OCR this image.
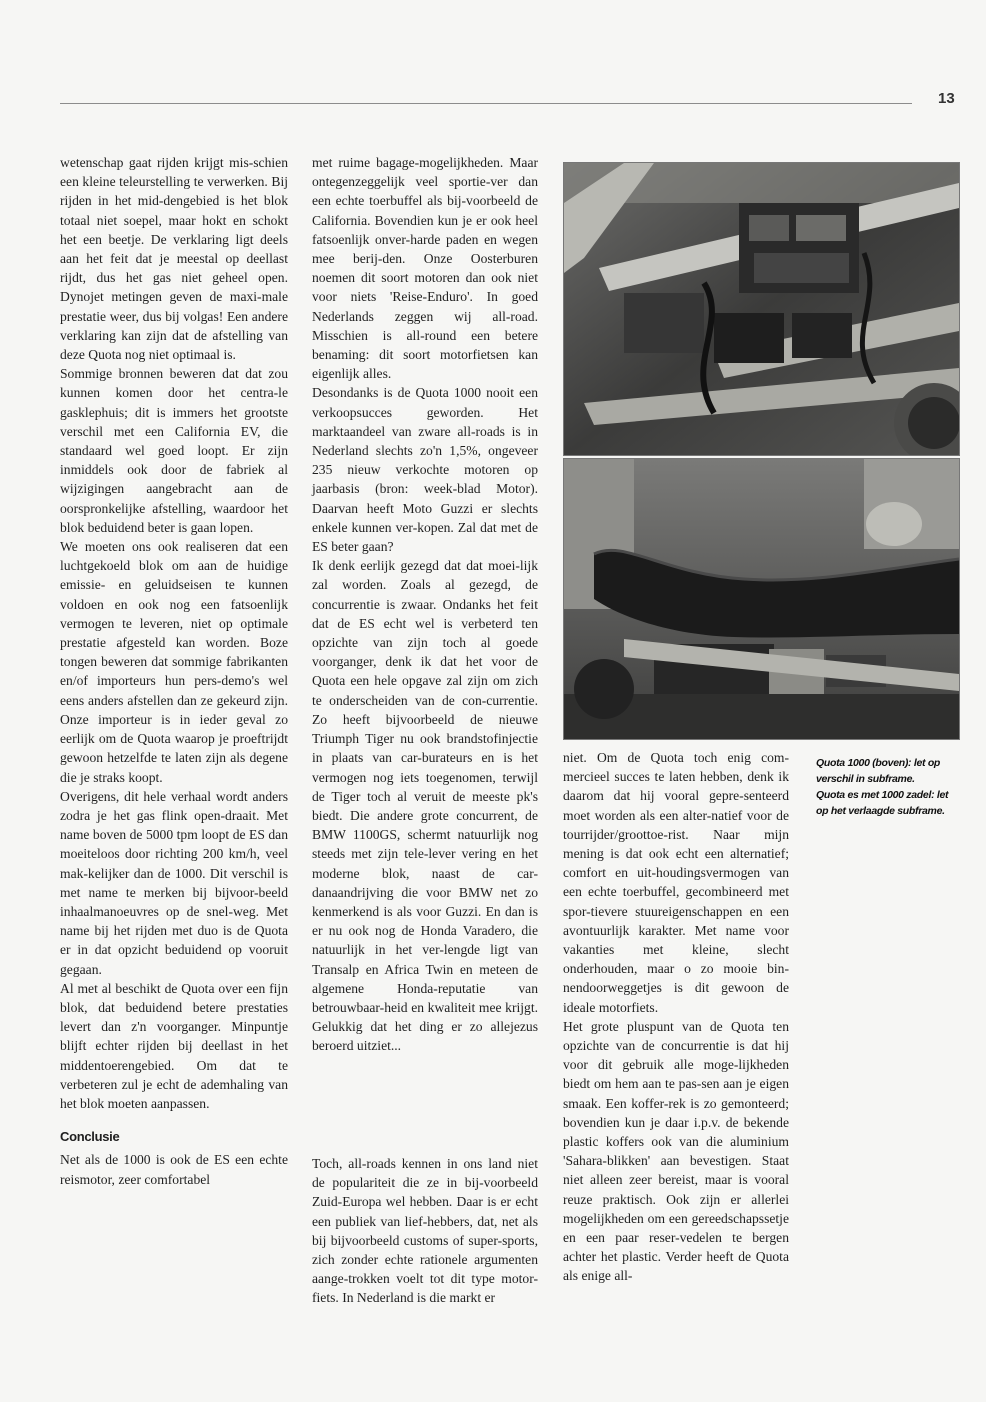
13

wetenschap gaat rijden krijgt mis-schien een kleine teleurstelling te verwerken. Bij rijden in het mid-dengebied is het blok totaal niet soepel, maar hokt en schokt het een beetje. De verklaring ligt deels aan het feit dat je meestal op deellast rijdt, dus het gas niet geheel open. Dynojet metingen geven de maxi-male prestatie weer, dus bij volgas! Een andere verklaring kan zijn dat de afstelling van deze Quota nog niet optimaal is.

Sommige bronnen beweren dat dat zou kunnen komen door het centra-le gasklephuis; dit is immers het grootste verschil met een California EV, die standaard wel goed loopt. Er zijn inmiddels ook door de fabriek al wijzigingen aangebracht aan de oorspronkelijke afstelling, waardoor het blok beduidend beter is gaan lopen.

We moeten ons ook realiseren dat een luchtgekoeld blok om aan de huidige emissie- en geluidseisen te kunnen voldoen en ook nog een fatsoenlijk vermogen te leveren, niet op optimale prestatie afgesteld kan worden. Boze tongen beweren dat sommige fabrikanten en/of importeurs hun pers-demo's wel eens anders afstellen dan ze gekeurd zijn. Onze importeur is in ieder geval zo eerlijk om de Quota waarop je proeftrijdt gewoon hetzelfde te laten zijn als degene die je straks koopt.

Overigens, dit hele verhaal wordt anders zodra je het gas flink open-draait. Met name boven de 5000 tpm loopt de ES dan moeiteloos door richting 200 km/h, veel mak-kelijker dan de 1000. Dit verschil is met name te merken bij bijvoor-beeld inhaalmanoeuvres op de snel-weg. Met name bij het rijden met duo is de Quota er in dat opzicht beduidend op vooruit gegaan.

Al met al beschikt de Quota over een fijn blok, dat beduidend betere prestaties levert dan z'n voorganger. Minpuntje blijft echter rijden bij deellast in het middentoerengebied. Om dat te verbeteren zul je echt de ademhaling van het blok moeten aanpassen.

Conclusie

Net als de 1000 is ook de ES een echte reismotor, zeer comfortabel

met ruime bagage-mogelijkheden. Maar ontegenzeggelijk veel sportie-ver dan een echte toerbuffel als bij-voorbeeld de California. Bovendien kun je er ook heel fatsoenlijk onver-harde paden en wegen mee berij-den. Onze Oosterburen noemen dit soort motoren dan ook niet voor niets 'Reise-Enduro'. In goed Nederlands zeggen wij all-road. Misschien is all-round een betere benaming: dit soort motorfietsen kan eigenlijk alles.

Desondanks is de Quota 1000 nooit een verkoopsucces geworden. Het marktaandeel van zware all-roads is in Nederland slechts zo'n 1,5%, ongeveer 235 nieuw verkochte motoren op jaarbasis (bron: week-blad Motor). Daarvan heeft Moto Guzzi er slechts enkele kunnen ver-kopen. Zal dat met de ES beter gaan?

Ik denk eerlijk gezegd dat dat moei-lijk zal worden. Zoals al gezegd, de concurrentie is zwaar. Ondanks het feit dat de ES echt wel is verbeterd ten opzichte van zijn toch al goede voorganger, denk ik dat het voor de Quota een hele opgave zal zijn om zich te onderscheiden van de con-currentie. Zo heeft bijvoorbeeld de nieuwe Triumph Tiger nu ook brandstofinjectie in plaats van car-burateurs en is het vermogen nog iets toegenomen, terwijl de Tiger toch al veruit de meeste pk's biedt. Die andere grote concurrent, de BMW 1100GS, schermt natuurlijk nog steeds met zijn tele-lever vering en het moderne blok, naast de car-danaandrijving die voor BMW net zo kenmerkend is als voor Guzzi. En dan is er nu ook nog de Honda Varadero, die natuurlijk in het ver-lengde ligt van Transalp en Africa Twin en meteen de algemene Honda-reputatie van betrouwbaar-heid en kwaliteit mee krijgt. Gelukkig dat het ding er zo allejezus beroerd uitziet...

Toch, all-roads kennen in ons land niet de populariteit die ze in bij-voorbeeld Zuid-Europa wel hebben. Daar is er echt een publiek van lief-hebbers, dat, net als bij bijvoorbeeld customs of super-sports, zich zonder echte rationele argumenten aange-trokken voelt tot dit type motor-fiets. In Nederland is die markt er

niet. Om de Quota toch enig com-mercieel succes te laten hebben, denk ik daarom dat hij vooral gepre-senteerd moet worden als een alter-natief voor de tourrijder/groottoe-rist. Naar mijn mening is dat ook echt een alternatief; comfort en uit-houdingsvermogen van een echte toerbuffel, gecombineerd met spor-tievere stuureigenschappen en een avontuurlijk karakter. Met name voor vakanties met kleine, slecht onderhouden, maar o zo mooie bin-nendoorweggetjes is dit gewoon de ideale motorfiets.

Het grote pluspunt van de Quota ten opzichte van de concurrentie is dat hij voor dit gebruik alle moge-lijkheden biedt om hem aan te pas-sen aan je eigen smaak. Een koffer-rek is zo gemonteerd; bovendien kun je daar i.p.v. de bekende plastic koffers ook van die aluminium 'Sahara-blikken' aan bevestigen. Staat niet alleen zeer bereist, maar is vooral reuze praktisch. Ook zijn er allerlei mogelijkheden om een gereedschapssetje en een paar reser-vedelen te bergen achter het plastic. Verder heeft de Quota als enige all-

Quota 1000 (boven): let op verschil in subframe.

Quota es met 1000 zadel: let op het verlaagde subframe.
